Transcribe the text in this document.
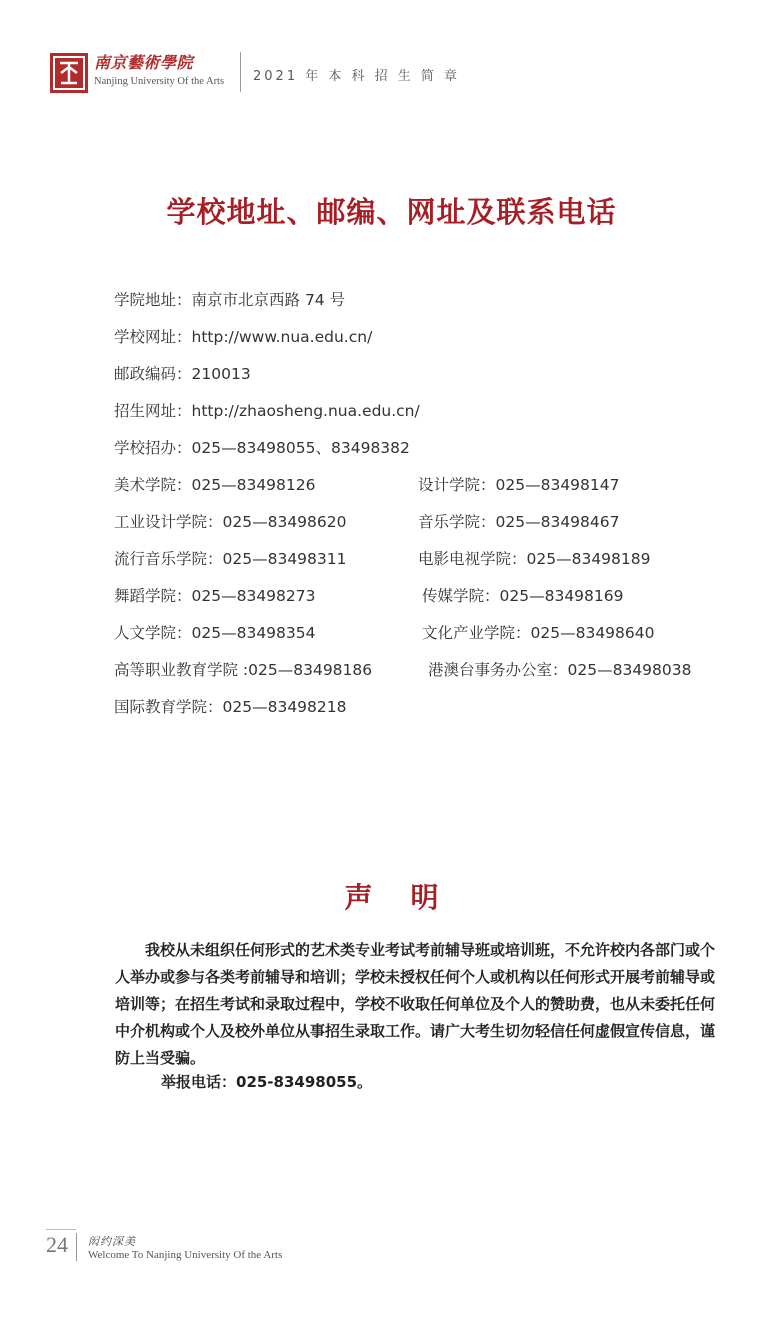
南京藝術學院
Nanjing University Of the Arts 2021 年 本 科 招 生 简 章
学校地址、邮编、网址及联系电话
学院地址：南京市北京西路 74 号
学校网址：http://www.nua.edu.cn/
邮政编码：210013
招生网址：http://zhaosheng.nua.edu.cn/
学校招办：025—83498055、83498382
美术学院：025—83498126	设计学院：025—83498147
工业设计学院：025—83498620	音乐学院：025—83498467
流行音乐学院：025—83498311	电影电视学院：025—83498189
舞蹈学院：025—83498273	传媒学院：025—83498169
人文学院：025—83498354	文化产业学院：025—83498640
高等职业教育学院 :025—83498186	港澳台事务办公室：025—83498038
国际教育学院：025—83498218
声明

我校从未组织任何形式的艺术类专业考试考前辅导班或培训班，不允许校内各部门或个人举办或参与各类考前辅导和培训；学校未授权任何个人或机构以任何形式开展考前辅导或培训等；在招生考试和录取过程中，学校不收取任何单位及个人的赞助费，也从未委托任何中介机构或个人及校外单位从事招生录取工作。请广大考生切勿轻信任何虚假宣传信息，谨防上当受骗。

举报电话：025-83498055。
24 闳约深美
Welcome To Nanjing University Of the Arts
